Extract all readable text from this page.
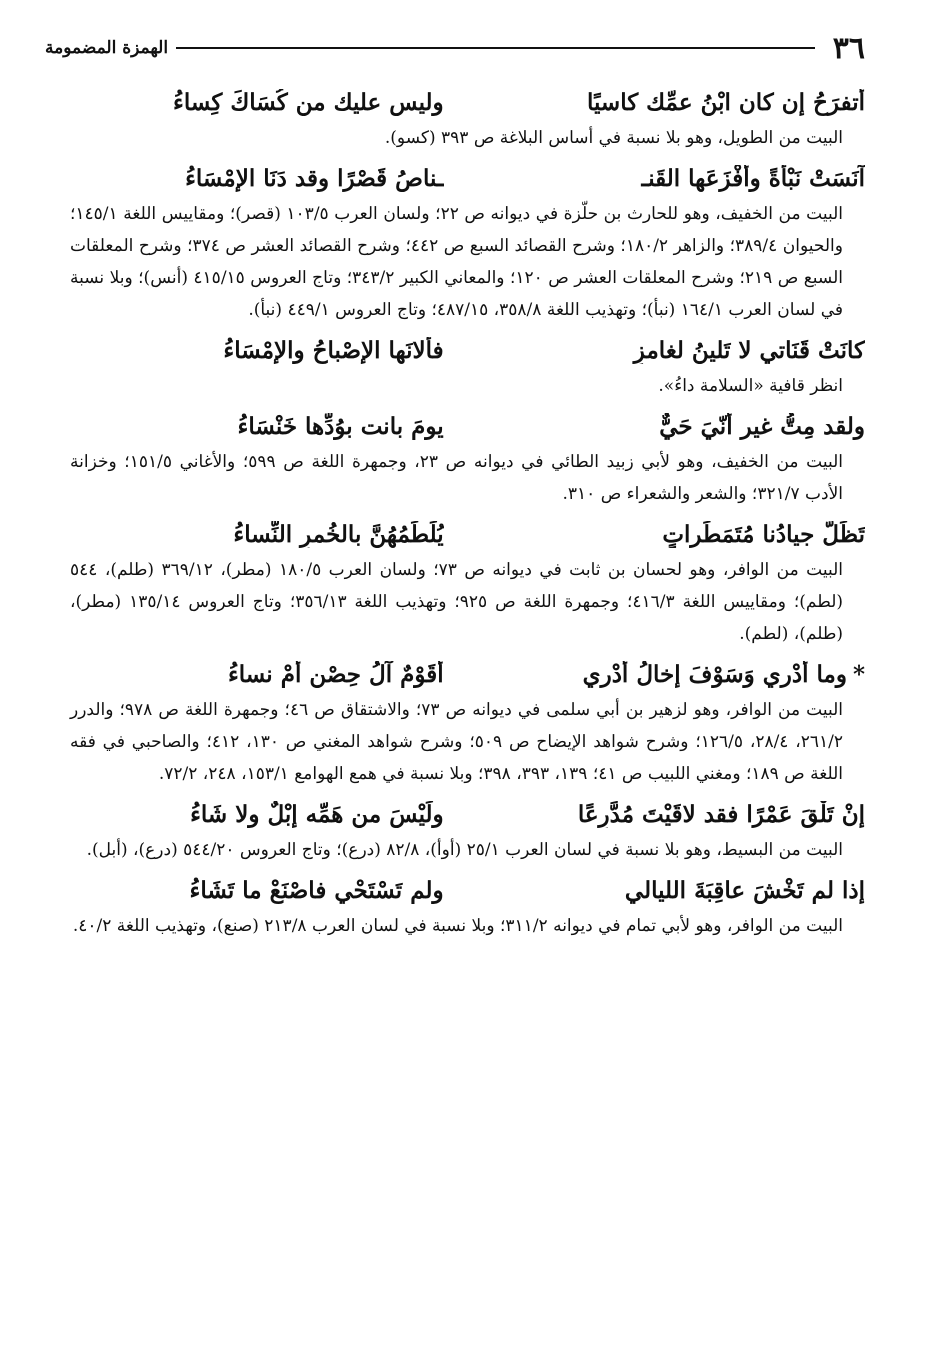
٣٦
الهمزة المضمومة
أتفرَحُ إن كان ابْنُ عمِّك كاسيًا
وليس عليك من كُسَاكَ كِساءُ
البيت من الطويل، وهو بلا نسبة في أساس البلاغة ص ٣٩٣ (كسو).
آنَسَتْ نَبْأَةً وأَفْزَعَها القَنـ
ـناصُ قَصْرًا وقد دَنَا الإمْسَاءُ
البيت من الخفيف، وهو للحارث بن حلّزة في ديوانه ص ٢٢؛ ولسان العرب ١٠٣/٥ (قصر)؛ ومقاييس اللغة ١٤٥/١؛ والحيوان ٣٨٩/٤؛ والزاهر ١٨٠/٢؛ وشرح القصائد السبع ص ٤٤٢؛ وشرح القصائد العشر ص ٣٧٤؛ وشرح المعلقات السبع ص ٢١٩؛ وشرح المعلقات العشر ص ١٢٠؛ والمعاني الكبير ٣٤٣/٢؛ وتاج العروس ٤١٥/١٥ (أنس)؛ وبلا نسبة في لسان العرب ١٦٤/١ (نبأ)؛ وتهذيب اللغة ٣٥٨/٨، ٤٨٧/١٥؛ وتاج العروس ٤٤٩/١ (نبأ).
كانَتْ قَنَاتي لا تَلينُ لغامزٍ
فألانَها الإصْباحُ والإمْسَاءُ
انظر قافية «السلامة داءُ».
ولقد مِتُّ غير أنّيَ حَيٌّ
يومَ بانت بوُدِّها خَنْسَاءُ
البيت من الخفيف، وهو لأبي زبيد الطائي في ديوانه ص ٢٣، وجمهرة اللغة ص ٥٩٩؛ والأغاني ١٥١/٥؛ وخزانة الأدب ٣٢١/٧؛ والشعر والشعراء ص ٣١٠.
تَظَلُّ جيادُنا مُتَمَطِّراتٍ
يُلَطِّمُهُنَّ بالخُمرِ النِّساءُ
البيت من الوافر، وهو لحسان بن ثابت في ديوانه ص ٧٣؛ ولسان العرب ١٨٠/٥ (مطر)، ٣٦٩/١٢ (طلم)، ٥٤٤ (لطم)؛ ومقاييس اللغة ٤١٦/٣؛ وجمهرة اللغة ص ٩٢٥؛ وتهذيب اللغة ٣٥٦/١٣؛ وتاج العروس ١٣٥/١٤ (مطر)، (طلم)، (لطم).
*وما أَدْري وَسَوْفَ إخالُ أَدْري
أَقَوْمٌ آلُ حِصْنٍ أمْ نساءُ
البيت من الوافر، وهو لزهير بن أبي سلمى في ديوانه ص ٧٣؛ والاشتقاق ص ٤٦؛ وجمهرة اللغة ص ٩٧٨؛ والدرر ٢٦١/٢، ٢٨/٤، ١٢٦/٥؛ وشرح شواهد الإيضاح ص ٥٠٩؛ وشرح شواهد المغني ص ١٣٠، ٤١٢؛ والصاحبي في فقه اللغة ص ١٨٩؛ ومغني اللبيب ص ٤١؛ ١٣٩، ٣٩٣، ٣٩٨؛ وبلا نسبة في همع الهوامع ١٥٣/١، ٢٤٨، ٧٢/٢.
إنْ تَلْقَ عَمْرًا فقد لاقَيْتَ مُدَّرِعًا
ولَيْسَ من هَمِّه إبْلٌ ولا شَاءُ
البيت من البسيط، وهو بلا نسبة في لسان العرب ٢٥/١ (أوأ)، ٨٢/٨ (درع)؛ وتاج العروس ٥٤٤/٢٠ (درع)، (أبل).
إذا لم تَخْشَ عاقِبَةَ الليالي
ولم تَسْتَحْيِ فاصْنَعْ ما تَشَاءُ
البيت من الوافر، وهو لأبي تمام في ديوانه ٣١١/٢؛ وبلا نسبة في لسان العرب ٢١٣/٨ (صنع)، وتهذيب اللغة ٤٠/٢.
